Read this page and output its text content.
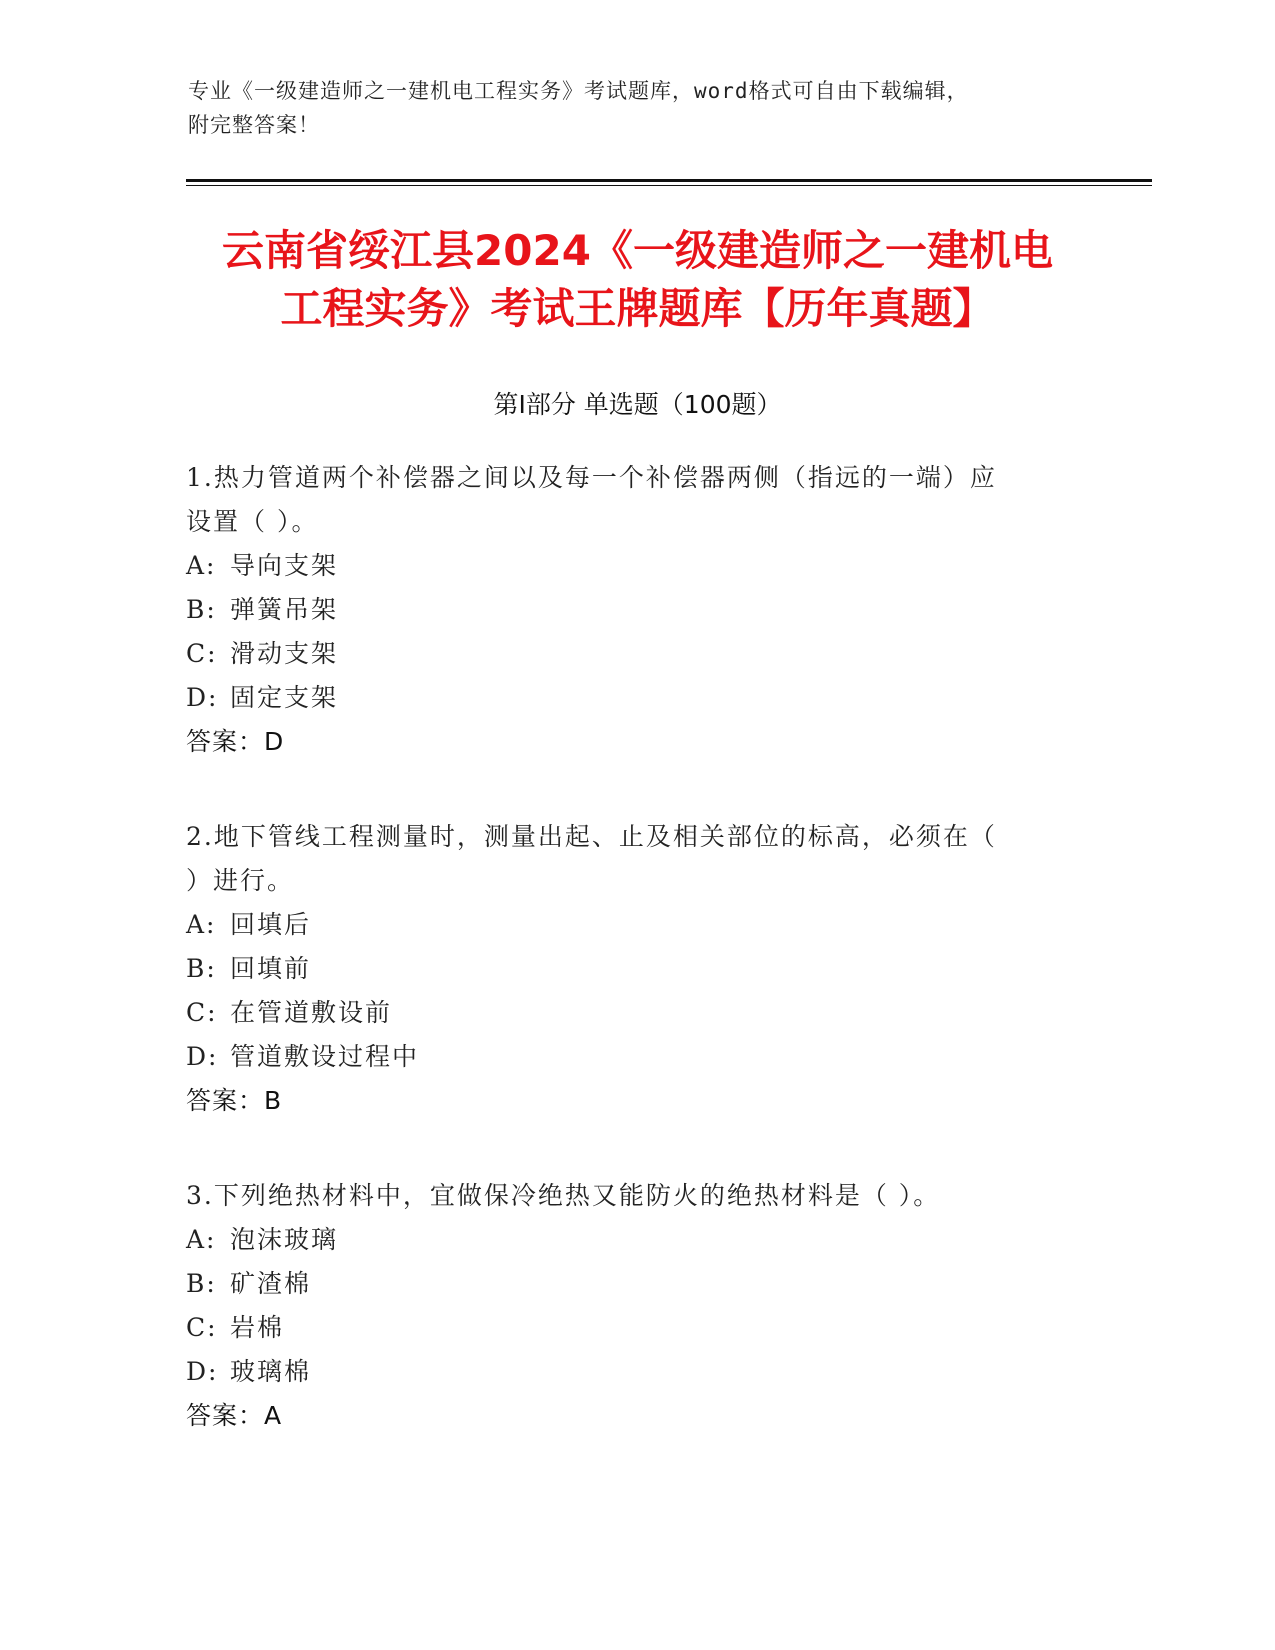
专业《一级建造师之一建机电工程实务》考试题库，word格式可自由下载编辑，
附完整答案！
云南省绥江县2024《一级建造师之一建机电
工程实务》考试王牌题库【历年真题】
第Ⅰ部分 单选题（100题）

1.热力管道两个补偿器之间以及每一个补偿器两侧（指远的一端）应

设置（ ）。

A: 导向支架

B: 弹簧吊架

C: 滑动支架

D: 固定支架

答案：D

2.地下管线工程测量时，测量出起、止及相关部位的标高，必须在（

）进行。

A: 回填后

B: 回填前

C: 在管道敷设前

D: 管道敷设过程中

答案：B

3.下列绝热材料中，宜做保冷绝热又能防火的绝热材料是（ ）。

A: 泡沫玻璃

B: 矿渣棉

C: 岩棉

D: 玻璃棉

答案：A
